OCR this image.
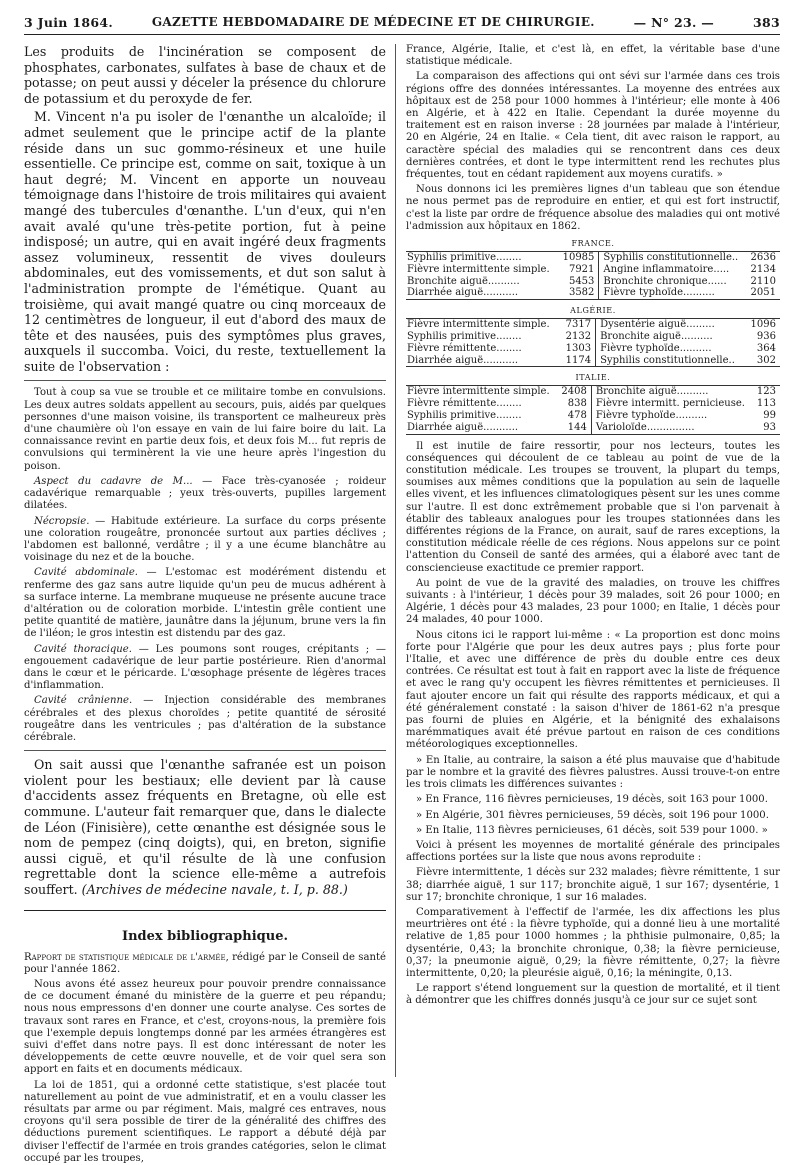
3 Juin 1864.	GAZETTE HEBDOMADAIRE DE MÉDECINE ET DE CHIRURGIE.	— N° 23. —	383

Les produits de l'incinération se composent de phosphates, carbonates, sulfates à base de chaux et de potasse; on peut aussi y déceler la présence du chlorure de potassium et du peroxyde de fer.

M. Vincent n'a pu isoler de l'œnanthe un alcaloïde; il admet seulement que le principe actif de la plante réside dans un suc gommo-résineux et une huile essentielle. Ce principe est, comme on sait, toxique à un haut degré; M. Vincent en apporte un nouveau témoignage dans l'histoire de trois militaires qui avaient mangé des tubercules d'œnanthe. L'un d'eux, qui n'en avait avalé qu'une très-petite portion, fut à peine indisposé; un autre, qui en avait ingéré deux fragments assez volumineux, ressentit de vives douleurs abdominales, eut des vomissements, et dut son salut à l'administration prompte de l'émétique. Quant au troisième, qui avait mangé quatre ou cinq morceaux de 12 centimètres de longueur, il eut d'abord des maux de tête et des nausées, puis des symptômes plus graves, auxquels il succomba. Voici, du reste, textuellement la suite de l'observation :

Tout à coup sa vue se trouble et ce militaire tombe en convulsions. Les deux autres soldats appellent au secours, puis, aidés par quelques personnes d'une maison voisine, ils transportent ce malheureux près d'une chaumière où l'on essaye en vain de lui faire boire du lait. La connaissance revint en partie deux fois, et deux fois M... fut repris de convulsions qui terminèrent la vie une heure après l'ingestion du poison.

Aspect du cadavre de M... — Face très-cyanosée ; roideur cadavérique remarquable ; yeux très-ouverts, pupilles largement dilatées.

Nécropsie. — Habitude extérieure. La surface du corps présente une coloration rougeâtre, prononcée surtout aux parties déclives ; l'abdomen est ballonné, verdâtre ; il y a une écume blanchâtre au voisinage du nez et de la bouche.

Cavité abdominale. — L'estomac est modérément distendu et renferme des gaz sans autre liquide qu'un peu de mucus adhérent à sa surface interne. La membrane muqueuse ne présente aucune trace d'altération ou de coloration morbide. L'intestin grêle contient une petite quantité de matière, jaunâtre dans la jéjunum, brune vers la fin de l'iléon; le gros intestin est distendu par des gaz.

Cavité thoracique. — Les poumons sont rouges, crépitants ; — engouement cadavérique de leur partie postérieure. Rien d'anormal dans le cœur et le péricarde. L'œsophage présente de légères traces d'inflammation.

Cavité crânienne. — Injection considérable des membranes cérébrales et des plexus choroïdes ; petite quantité de sérosité rougeâtre dans les ventricules ; pas d'altération de la substance cérébrale.

On sait aussi que l'œnanthe safranée est un poison violent pour les bestiaux; elle devient par là cause d'accidents assez fréquents en Bretagne, où elle est commune. L'auteur fait remarquer que, dans le dialecte de Léon (Finisière), cette œnanthe est désignée sous le nom de pempez (cinq doigts), qui, en breton, signifie aussi ciguë, et qu'il résulte de là une confusion regrettable dont la science elle-même a autrefois souffert. (Archives de médecine navale, t. I, p. 88.)

Index bibliographique.

Rapport de statistique médicale de l'armée, rédigé par le Conseil de santé pour l'année 1862.

Nous avons été assez heureux pour pouvoir prendre connaissance de ce document émané du ministère de la guerre et peu répandu; nous nous empressons d'en donner une courte analyse. Ces sortes de travaux sont rares en France, et c'est, croyons-nous, la première fois que l'exemple depuis longtemps donné par les armées étrangères est suivi d'effet dans notre pays. Il est donc intéressant de noter les développements de cette œuvre nouvelle, et de voir quel sera son apport en faits et en documents médicaux.

La loi de 1851, qui a ordonné cette statistique, s'est placée tout naturellement au point de vue administratif, et en a voulu classer les résultats par arme ou par régiment. Mais, malgré ces entraves, nous croyons qu'il sera possible de tirer de la généralité des chiffres des déductions purement scientifiques. Le rapport a débuté déjà par diviser l'effectif de l'armée en trois grandes catégories, selon le climat occupé par les troupes,

France, Algérie, Italie, et c'est là, en effet, la véritable base d'une statistique médicale.

La comparaison des affections qui ont sévi sur l'armée dans ces trois régions offre des données intéressantes. La moyenne des entrées aux hôpitaux est de 258 pour 1000 hommes à l'intérieur; elle monte à 406 en Algérie, et à 422 en Italie. Cependant la durée moyenne du traitement est en raison inverse : 28 journées par malade à l'intérieur, 20 en Algérie, 24 en Italie. « Cela tient, dit avec raison le rapport, au caractère spécial des maladies qui se rencontrent dans ces deux dernières contrées, et dont le type intermittent rend les rechutes plus fréquentes, tout en cédant rapidement aux moyens curatifs. »

Nous donnons ici les premières lignes d'un tableau que son étendue ne nous permet pas de reproduire en entier, et qui est fort instructif, c'est la liste par ordre de fréquence absolue des maladies qui ont motivé l'admission aux hôpitaux en 1862.

FRANCE.
Syphilis primitive........	10985	Syphilis constitutionnelle..	2636
Fièvre intermittente simple.	7921	Angine inflammatoire.....	2134
Bronchite aiguë..........	5453	Bronchite chronique......	2110
Diarrhée aiguë...........	3582	Fièvre typhoïde..........	2051
ALGÉRIE.
Fièvre intermittente simple.	7317	Dysentérie aiguë.........	1096
Syphilis primitive........	2132	Bronchite aiguë..........	936
Fièvre rémittente........	1303	Fièvre typhoïde..........	364
Diarrhée aiguë...........	1174	Syphilis constitutionnelle..	302
ITALIE.
Fièvre intermittente simple.	2408	Bronchite aiguë..........	123
Fièvre rémittente........	838	Fièvre intermitt. pernicieuse.	113
Syphilis primitive........	478	Fièvre typhoïde..........	99
Diarrhée aiguë...........	144	Varioloïde...............	93

Il est inutile de faire ressortir, pour nos lecteurs, toutes les conséquences qui découlent de ce tableau au point de vue de la constitution médicale. Les troupes se trouvent, la plupart du temps, soumises aux mêmes conditions que la population au sein de laquelle elles vivent, et les influences climatologiques pèsent sur les unes comme sur l'autre. Il est donc extrêmement probable que si l'on parvenait à établir des tableaux analogues pour les troupes stationnées dans les différentes régions de la France, on aurait, sauf de rares exceptions, la constitution médicale réelle de ces régions. Nous appelons sur ce point l'attention du Conseil de santé des armées, qui a élaboré avec tant de consciencieuse exactitude ce premier rapport.

Au point de vue de la gravité des maladies, on trouve les chiffres suivants : à l'intérieur, 1 décès pour 39 malades, soit 26 pour 1000; en Algérie, 1 décès pour 43 malades, 23 pour 1000; en Italie, 1 décès pour 24 malades, 40 pour 1000.

Nous citons ici le rapport lui-même : « La proportion est donc moins forte pour l'Algérie que pour les deux autres pays ; plus forte pour l'Italie, et avec une différence de près du double entre ces deux contrées. Ce résultat est tout à fait en rapport avec la liste de fréquence et avec le rang qu'y occupent les fièvres rémittentes et pernicieuses. Il faut ajouter encore un fait qui résulte des rapports médicaux, et qui a été généralement constaté : la saison d'hiver de 1861-62 n'a presque pas fourni de pluies en Algérie, et la bénignité des exhalaisons marémmatiques avait été prévue partout en raison de ces conditions météorologiques exceptionnelles.

» En Italie, au contraire, la saison a été plus mauvaise que d'habitude par le nombre et la gravité des fièvres palustres. Aussi trouve-t-on entre les trois climats les différences suivantes :

» En France, 116 fièvres pernicieuses, 19 décès, soit 163 pour 1000.

» En Algérie, 301 fièvres pernicieuses, 59 décès, soit 196 pour 1000.

» En Italie, 113 fièvres pernicieuses, 61 décès, soit 539 pour 1000. »

Voici à présent les moyennes de mortalité générale des principales affections portées sur la liste que nous avons reproduite :

Fièvre intermittente, 1 décès sur 232 malades; fièvre rémittente, 1 sur 38; diarrhée aiguë, 1 sur 117; bronchite aiguë, 1 sur 167; dysentérie, 1 sur 17; bronchite chronique, 1 sur 16 malades.

Comparativement à l'effectif de l'armée, les dix affections les plus meurtrières ont été : la fièvre typhoïde, qui a donné lieu à une mortalité relative de 1,85 pour 1000 hommes ; la phthisie pulmonaire, 0,85; la dysentérie, 0,43; la bronchite chronique, 0,38; la fièvre pernicieuse, 0,37; la pneumonie aiguë, 0,29; la fièvre rémittente, 0,27; la fièvre intermittente, 0,20; la pleurésie aiguë, 0,16; la méningite, 0,13.

Le rapport s'étend longuement sur la question de mortalité, et il tient à démontrer que les chiffres donnés jusqu'à ce jour sur ce sujet sont
